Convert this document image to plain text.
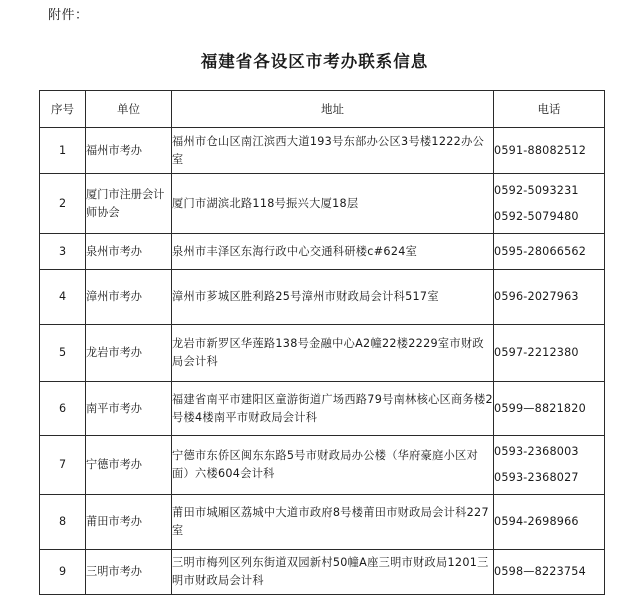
附件：
福建省各设区市考办联系信息
序号	单位	地址	电话
1	福州市考办	福州市仓山区南江滨西大道193号东部办公区3号楼1222办公室	0591-88082512

2	厦门市注册会计师协会	厦门市湖滨北路118号振兴大厦18层	0592-5093231
0592-5079480

3	泉州市考办	泉州市丰泽区东海行政中心交通科研楼c#624室	0595-28066562

4	漳州市考办	漳州市芗城区胜利路25号漳州市财政局会计科517室	0596-2027963

5	龙岩市考办	龙岩市新罗区华莲路138号金融中心A2幢22楼2229室市财政局会计科	0597-2212380

6	南平市考办	福建省南平市建阳区童游街道广场西路79号南林核心区商务楼2号楼4楼南平市财政局会计科	0599—8821820

7	宁德市考办	宁德市东侨区闽东东路5号市财政局办公楼（华府豪庭小区对面）六楼604会计科	0593-2368003
0593-2368027

8	莆田市考办	莆田市城厢区荔城中大道市政府8号楼莆田市财政局会计科227室	0594-2698966

9	三明市考办	三明市梅列区列东街道双园新村50幢A座三明市财政局1201三明市财政局会计科	0598—8223754
